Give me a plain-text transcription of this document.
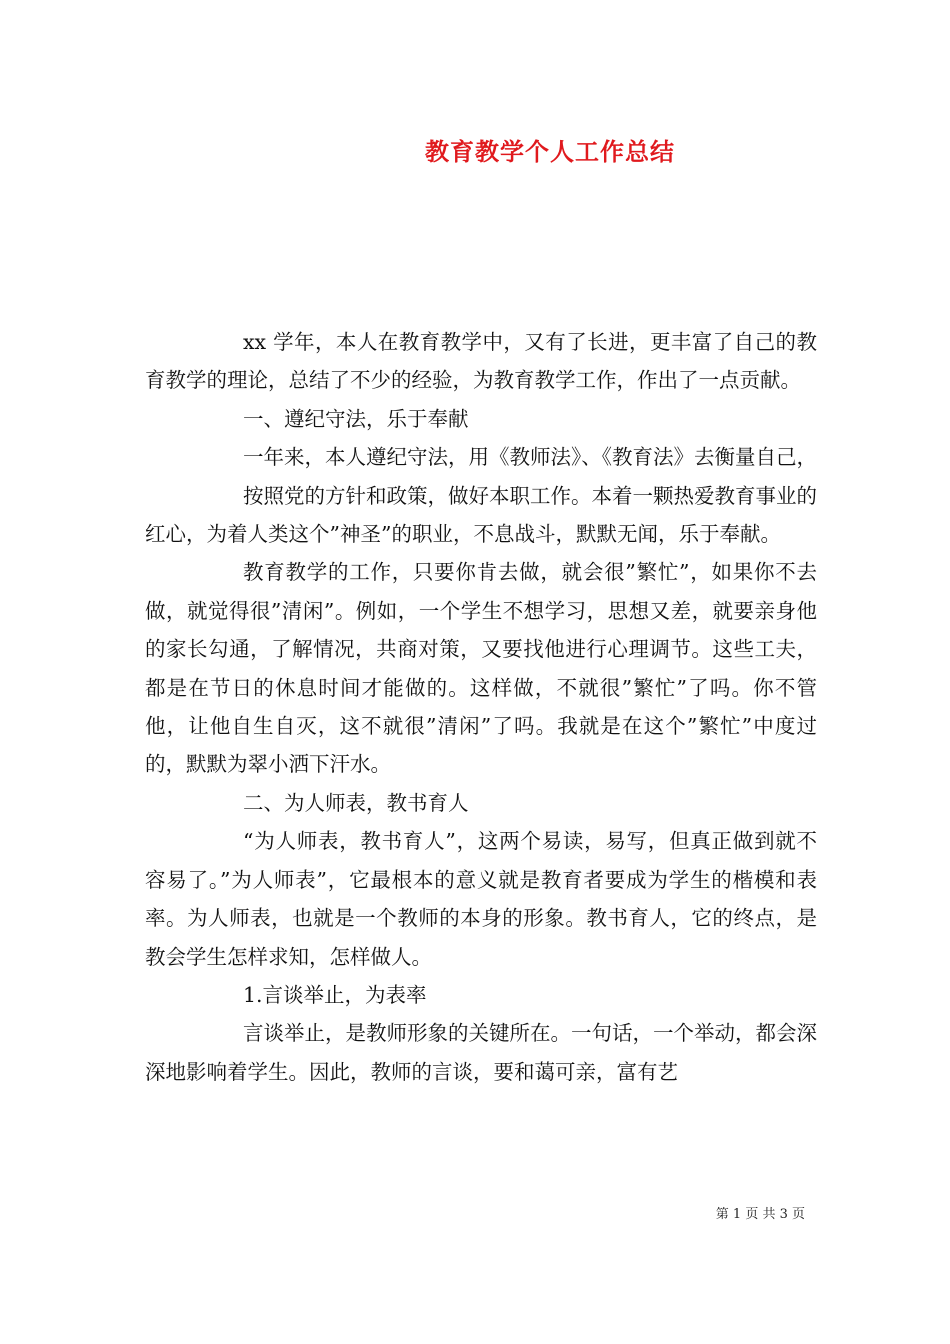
教育教学个人工作总结

xx 学年，本人在教育教学中，又有了长进，更丰富了自己的教育教学的理论，总结了不少的经验，为教育教学工作，作出了一点贡献。

一、遵纪守法，乐于奉献

一年来，本人遵纪守法，用《教师法》、《教育法》去衡量自己，

按照党的方针和政策，做好本职工作。本着一颗热爱教育事业的红心，为着人类这个”神圣”的职业，不息战斗，默默无闻，乐于奉献。

教育教学的工作，只要你肯去做，就会很”繁忙”，如果你不去做，就觉得很”清闲”。例如，一个学生不想学习，思想又差，就要亲身他的家长勾通，了解情况，共商对策，又要找他进行心理调节。这些工夫，都是在节日的休息时间才能做的。这样做，不就很”繁忙”了吗。你不管他，让他自生自灭，这不就很”清闲”了吗。我就是在这个”繁忙”中度过的，默默为翠小洒下汗水。

二、为人师表，教书育人

“为人师表，教书育人”，这两个易读，易写，但真正做到就不容易了。”为人师表”，它最根本的意义就是教育者要成为学生的楷模和表率。为人师表，也就是一个教师的本身的形象。教书育人，它的终点，是教会学生怎样求知，怎样做人。

1.言谈举止，为表率

言谈举止，是教师形象的关键所在。一句话，一个举动，都会深深地影响着学生。因此，教师的言谈，要和蔼可亲，富有艺

第 1 页 共 3 页
